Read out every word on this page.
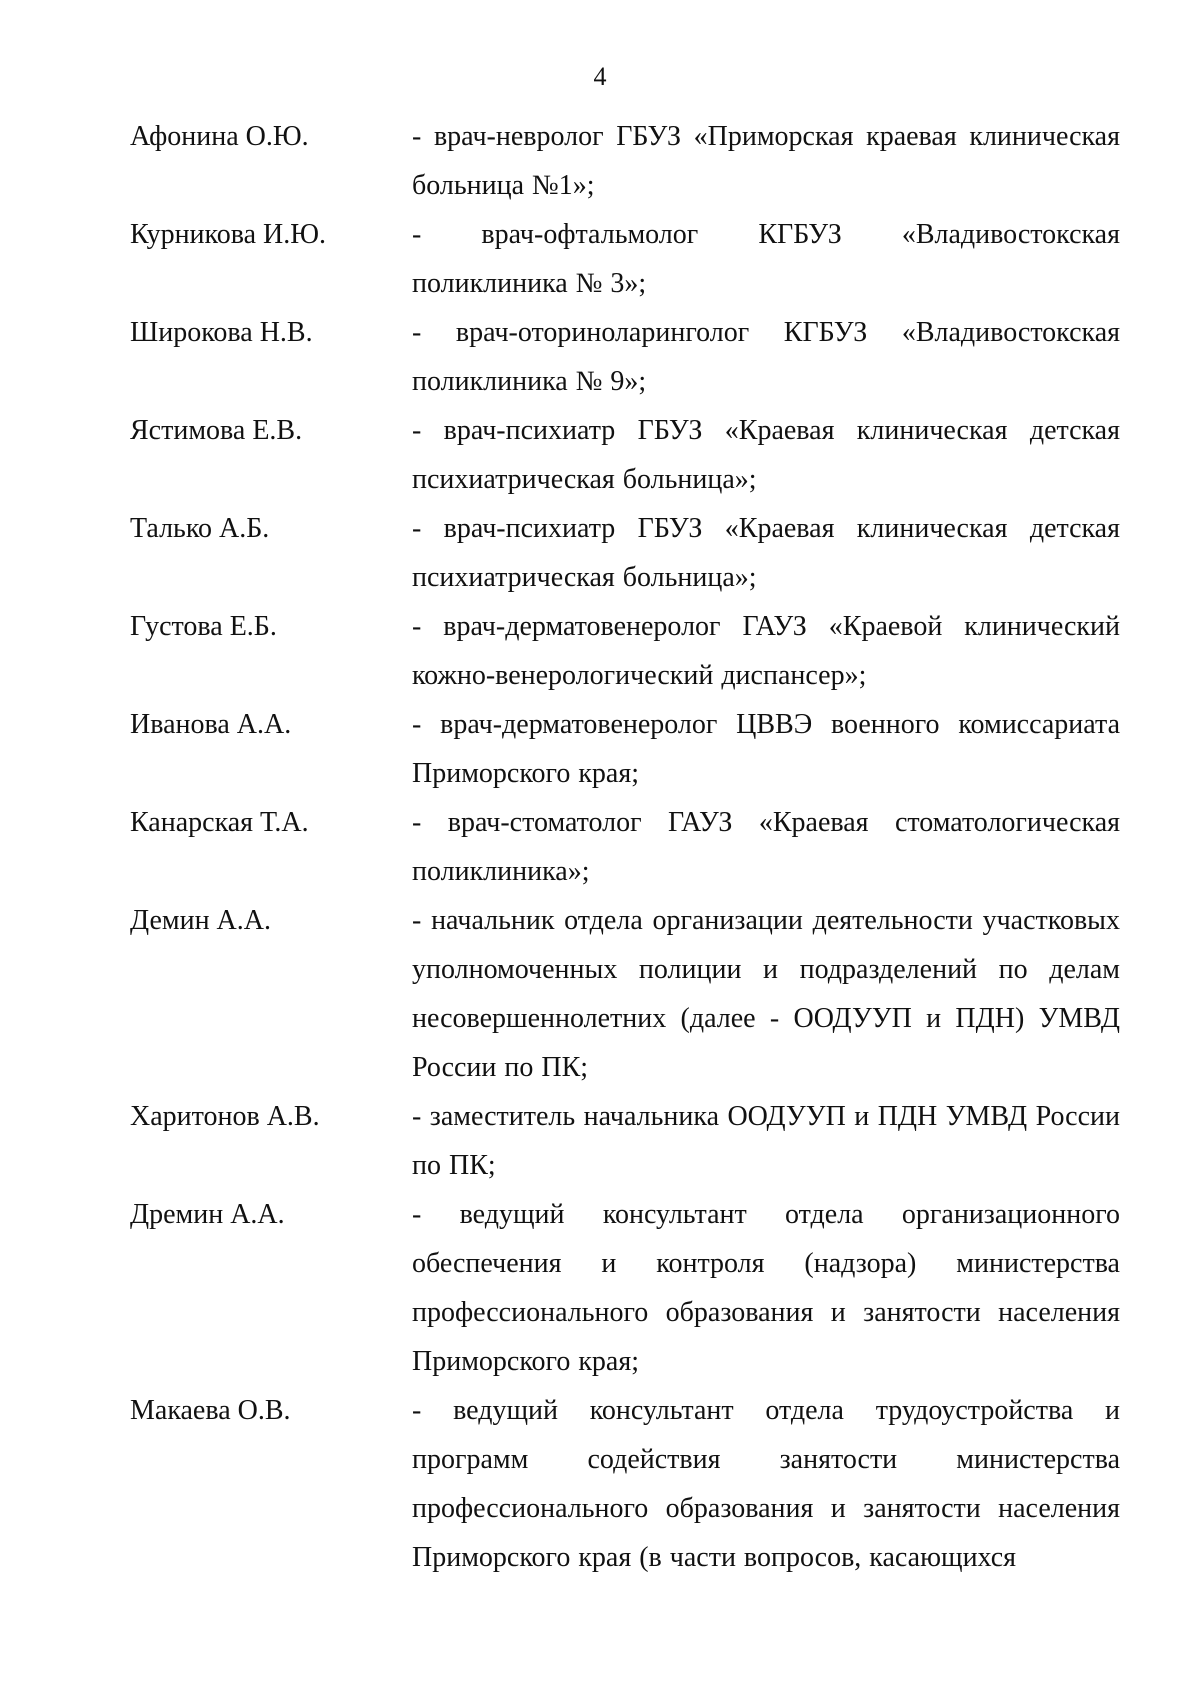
4
Афонина О.Ю.	- врач-невролог ГБУЗ «Приморская краевая клиническая больница №1»;
Курникова И.Ю.	- врач-офтальмолог КГБУЗ «Владивостокская поликлиника № 3»;
Широкова Н.В.	- врач-оториноларинголог КГБУЗ «Владивостокская поликлиника № 9»;
Ястимова Е.В.	- врач-психиатр ГБУЗ «Краевая клиническая детская психиатрическая больница»;
Талько А.Б.	- врач-психиатр ГБУЗ «Краевая клиническая детская психиатрическая больница»;
Густова Е.Б.	- врач-дерматовенеролог ГАУЗ «Краевой клинический кожно-венерологический диспансер»;
Иванова А.А.	- врач-дерматовенеролог ЦВВЭ военного комиссариата Приморского края;
Канарская Т.А.	- врач-стоматолог ГАУЗ «Краевая стоматологическая поликлиника»;
Демин А.А.	- начальник отдела организации деятельности участковых уполномоченных полиции и подразделений по делам несовершеннолетних (далее - ООДУУП и ПДН) УМВД России по ПК;
Харитонов А.В.	- заместитель начальника ООДУУП и ПДН УМВД России по ПК;
Дремин А.А.	- ведущий консультант отдела организационного обеспечения и контроля (надзора) министерства профессионального образования и занятости населения Приморского края;
Макаева О.В.	- ведущий консультант отдела трудоустройства и программ содействия занятости министерства профессионального образования и занятости населения Приморского края (в части вопросов, касающихся
